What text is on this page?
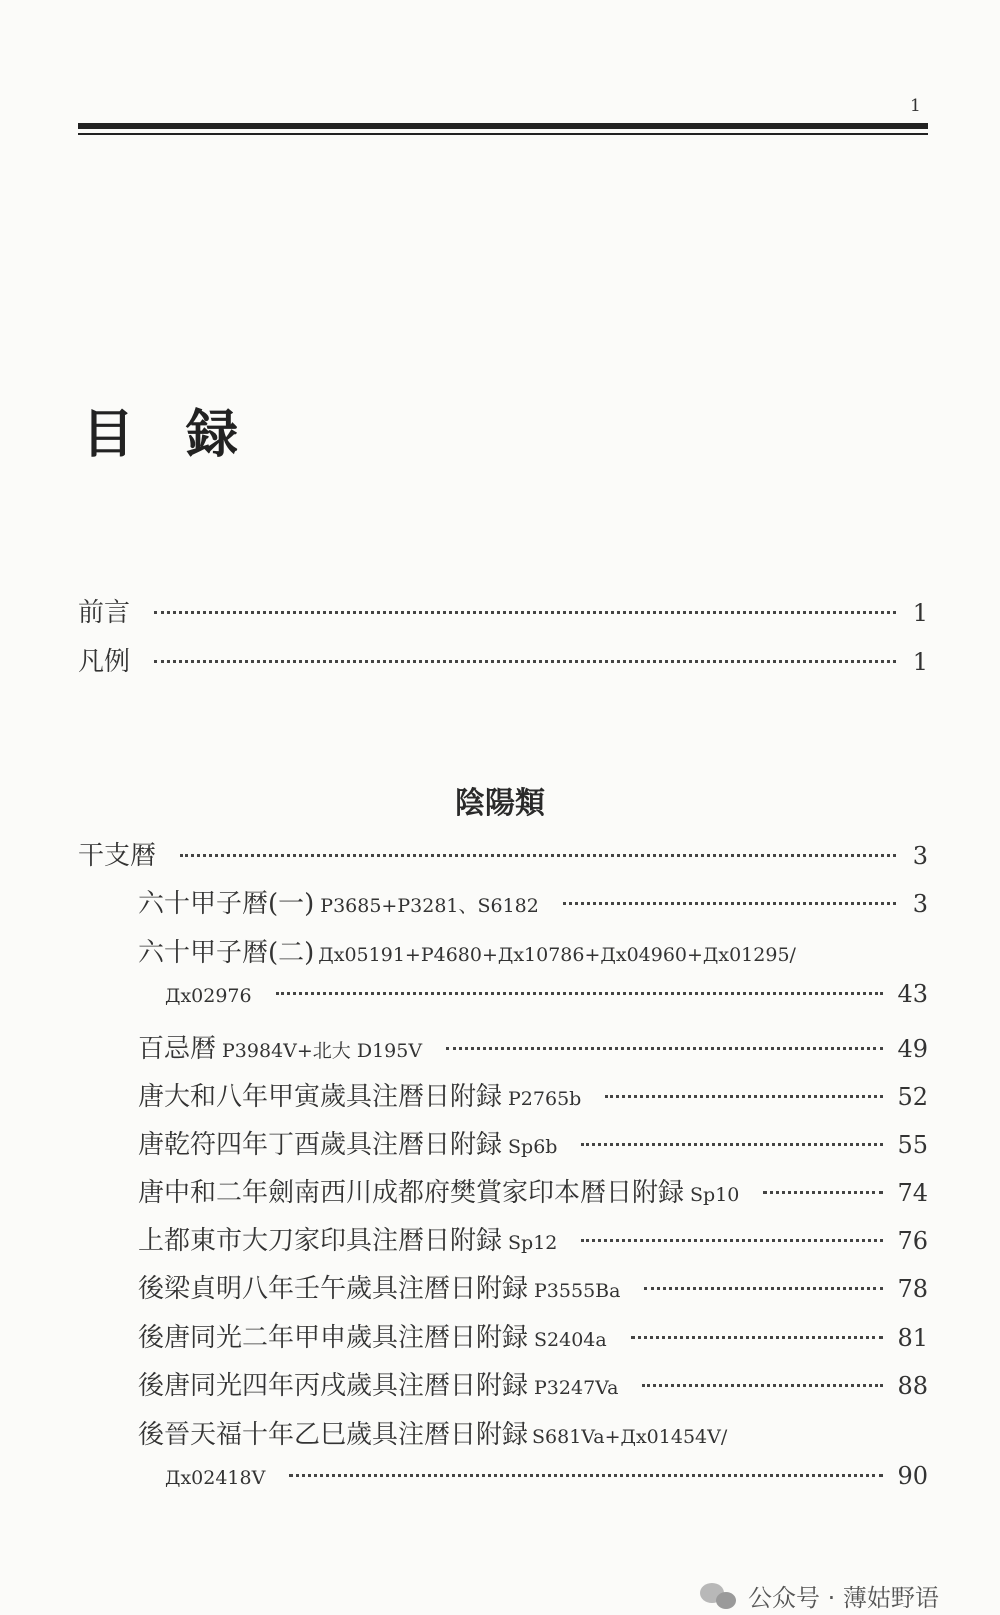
1
目録
前言	1
凡例	1
陰陽類
干支暦	3
六十甲子暦(一) P3685+P3281、S6182	3
六十甲子暦(二) Дх05191+P4680+Дх10786+Дх04960+Дх01295/
Дх02976	43
百忌暦 P3984V+北大 D195V	49
唐大和八年甲寅歲具注暦日附録 P2765b	52
唐乾符四年丁酉歲具注暦日附録 Sp6b	55
唐中和二年劍南西川成都府樊賞家印本暦日附録 Sp10	74
上都東市大刀家印具注暦日附録 Sp12	76
後梁貞明八年壬午歲具注暦日附録 P3555Ba	78
後唐同光二年甲申歲具注暦日附録 S2404a	81
後唐同光四年丙戌歲具注暦日附録 P3247Va	88
後晉天福十年乙巳歲具注暦日附録 S681Va+Дх01454V/
Дх02418V	90
公众号 · 薄姑野语
